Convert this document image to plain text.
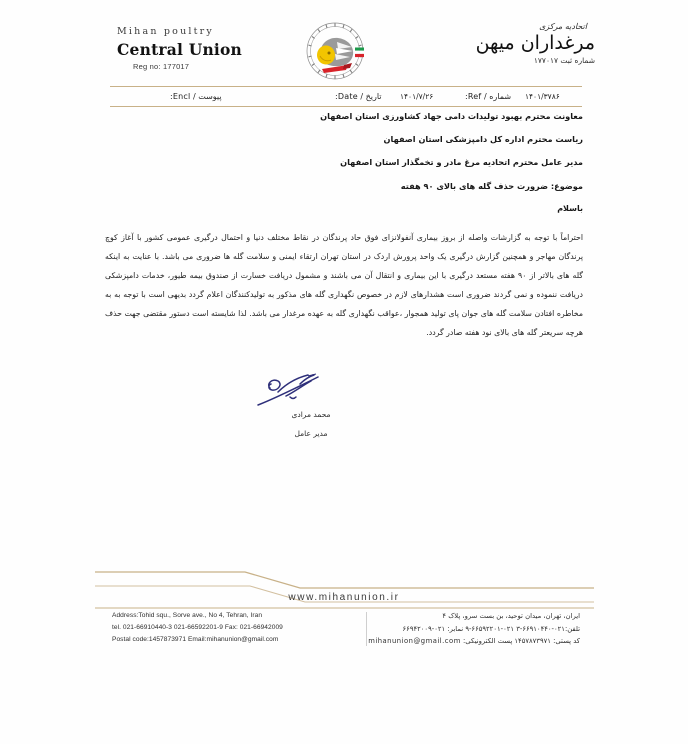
Mihan poultry

Central Union

Reg no: 177017

اتحادیه مرکزی

مرغداران میهن

شماره ثبت ۱۷۷۰۱۷

پیوست / Encl:	تاریخ / Date: ۱۴۰۱/۷/۲۶	شماره / Ref: ۱۴۰۱/۳۷۸۶

معاونت محترم بهبود تولیدات دامی جهاد کشاورزی استان اصفهان

ریاست محترم اداره کل دامپزشکی استان اصفهان

مدیر عامل محترم اتحادیه مرغ مادر و تخمگذار استان اصفهان

موضوع: ضرورت حذف گله های بالای ۹۰ هفته

باسلام

احتراماً با توجه به گزارشات واصله از بروز بیماری آنفولانزای فوق حاد پرندگان در نقاط مختلف دنیا و احتمال درگیری عمومی کشور با آغاز کوچ پرندگان مهاجر و همچنین گزارش درگیری یک واحد پرورش اردک در استان تهران ارتقاء ایمنی و سلامت گله ها ضروری می باشد. با عنایت به اینکه گله های بالاتر از ۹۰ هفته مستعد درگیری با این بیماری و انتقال آن می باشند و مشمول دریافت خسارت از صندوق بیمه طیور، خدمات دامپزشکی دریافت ننموده و نمی گردند ضروری است هشدارهای لازم در خصوص نگهداری گله های مذکور به تولیدکنندگان اعلام گردد بدیهی است با توجه به به مخاطره افتادن سلامت گله های جوان پای تولید همجوار ،عواقب نگهداری گله به عهده مرغدار می باشد. لذا شایسته است دستور مقتضی جهت حذف هرچه سریعتر گله های بالای نود هفته صادر گردد.

محمد مرادی

مدیر عامل

www.mihanunion.ir
Address:Tohid squ., Sorve ave., No 4, Tehran, Iran
tel. 021-66910440-3 021-66592201-9 Fax: 021-66942009
Postal code:1457873971 Email:mihanunion@gmail.com
ایران، تهران، میدان توحید، بن بست سرو، پلاک ۴
تلفن:۰۲۱-۶۶۹۱۰۴۴۰-۳ ۰۲۱-۶۶۵۹۲۲۰۱-۹ نمابر: ۰۲۱-۶۶۹۴۲۰۰۹
کد پستی: ۱۴۵۷۸۷۳۹۷۱ پست الکترونیکی: mihanunion@gmail.com
